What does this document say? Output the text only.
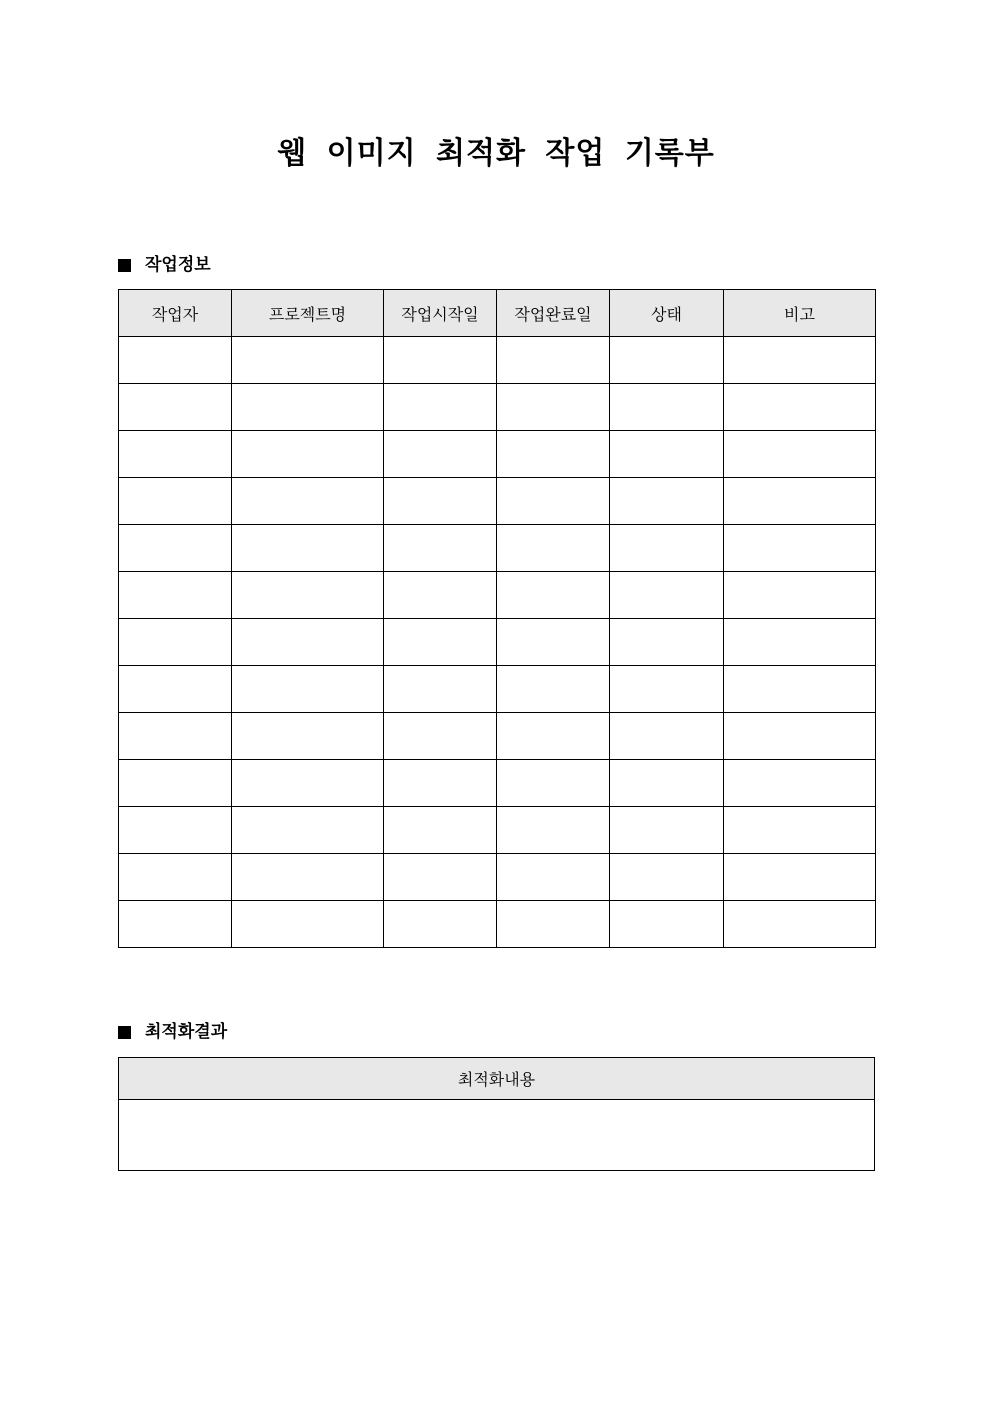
웹 이미지 최적화 작업 기록부
작업정보
작업자	프로젝트명	작업시작일	작업완료일	상태	비고

최적화결과
최적화내용
